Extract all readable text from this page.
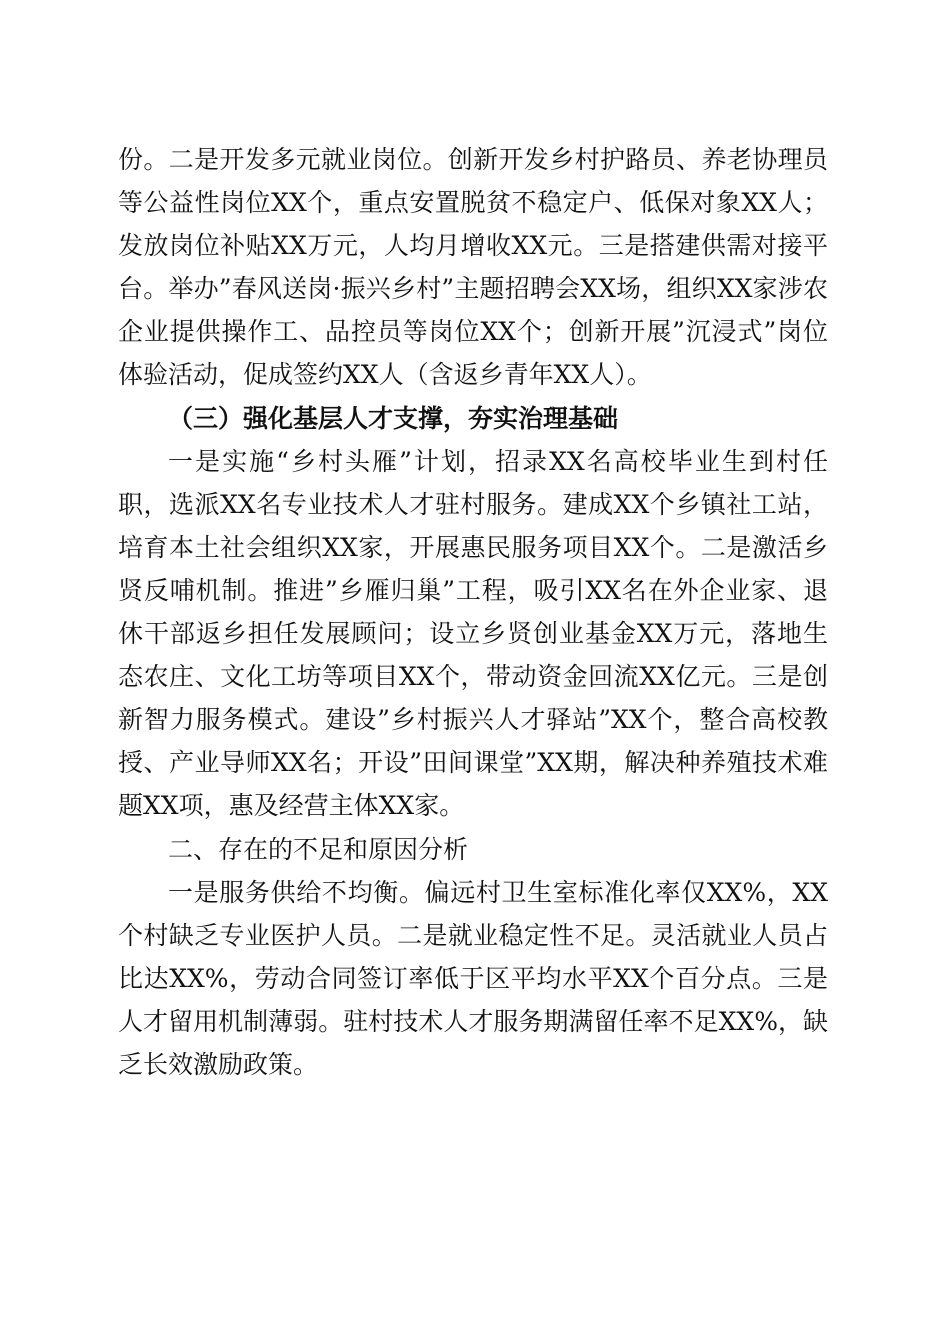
份。二是开发多元就业岗位。创新开发乡村护路员、养老协理员等公益性岗位XX个，重点安置脱贫不稳定户、低保对象XX人；发放岗位补贴XX万元，人均月增收XX元。三是搭建供需对接平台。举办”春风送岗·振兴乡村”主题招聘会XX场，组织XX家涉农企业提供操作工、品控员等岗位XX个；创新开展”沉浸式”岗位体验活动，促成签约XX人（含返乡青年XX人）。

（三）强化基层人才支撑，夯实治理基础

一是实施“乡村头雁”计划，招录XX名高校毕业生到村任职，选派XX名专业技术人才驻村服务。建成XX个乡镇社工站，培育本土社会组织XX家，开展惠民服务项目XX个。二是激活乡贤反哺机制。推进”乡雁归巢”工程，吸引XX名在外企业家、退休干部返乡担任发展顾问；设立乡贤创业基金XX万元，落地生态农庄、文化工坊等项目XX个，带动资金回流XX亿元。三是创新智力服务模式。建设”乡村振兴人才驿站”XX个，整合高校教授、产业导师XX名；开设”田间课堂”XX期，解决种养殖技术难题XX项，惠及经营主体XX家。

二、存在的不足和原因分析

一是服务供给不均衡。偏远村卫生室标准化率仅XX%，XX个村缺乏专业医护人员。二是就业稳定性不足。灵活就业人员占比达XX%，劳动合同签订率低于区平均水平XX个百分点。三是人才留用机制薄弱。驻村技术人才服务期满留任率不足XX%，缺乏长效激励政策。
